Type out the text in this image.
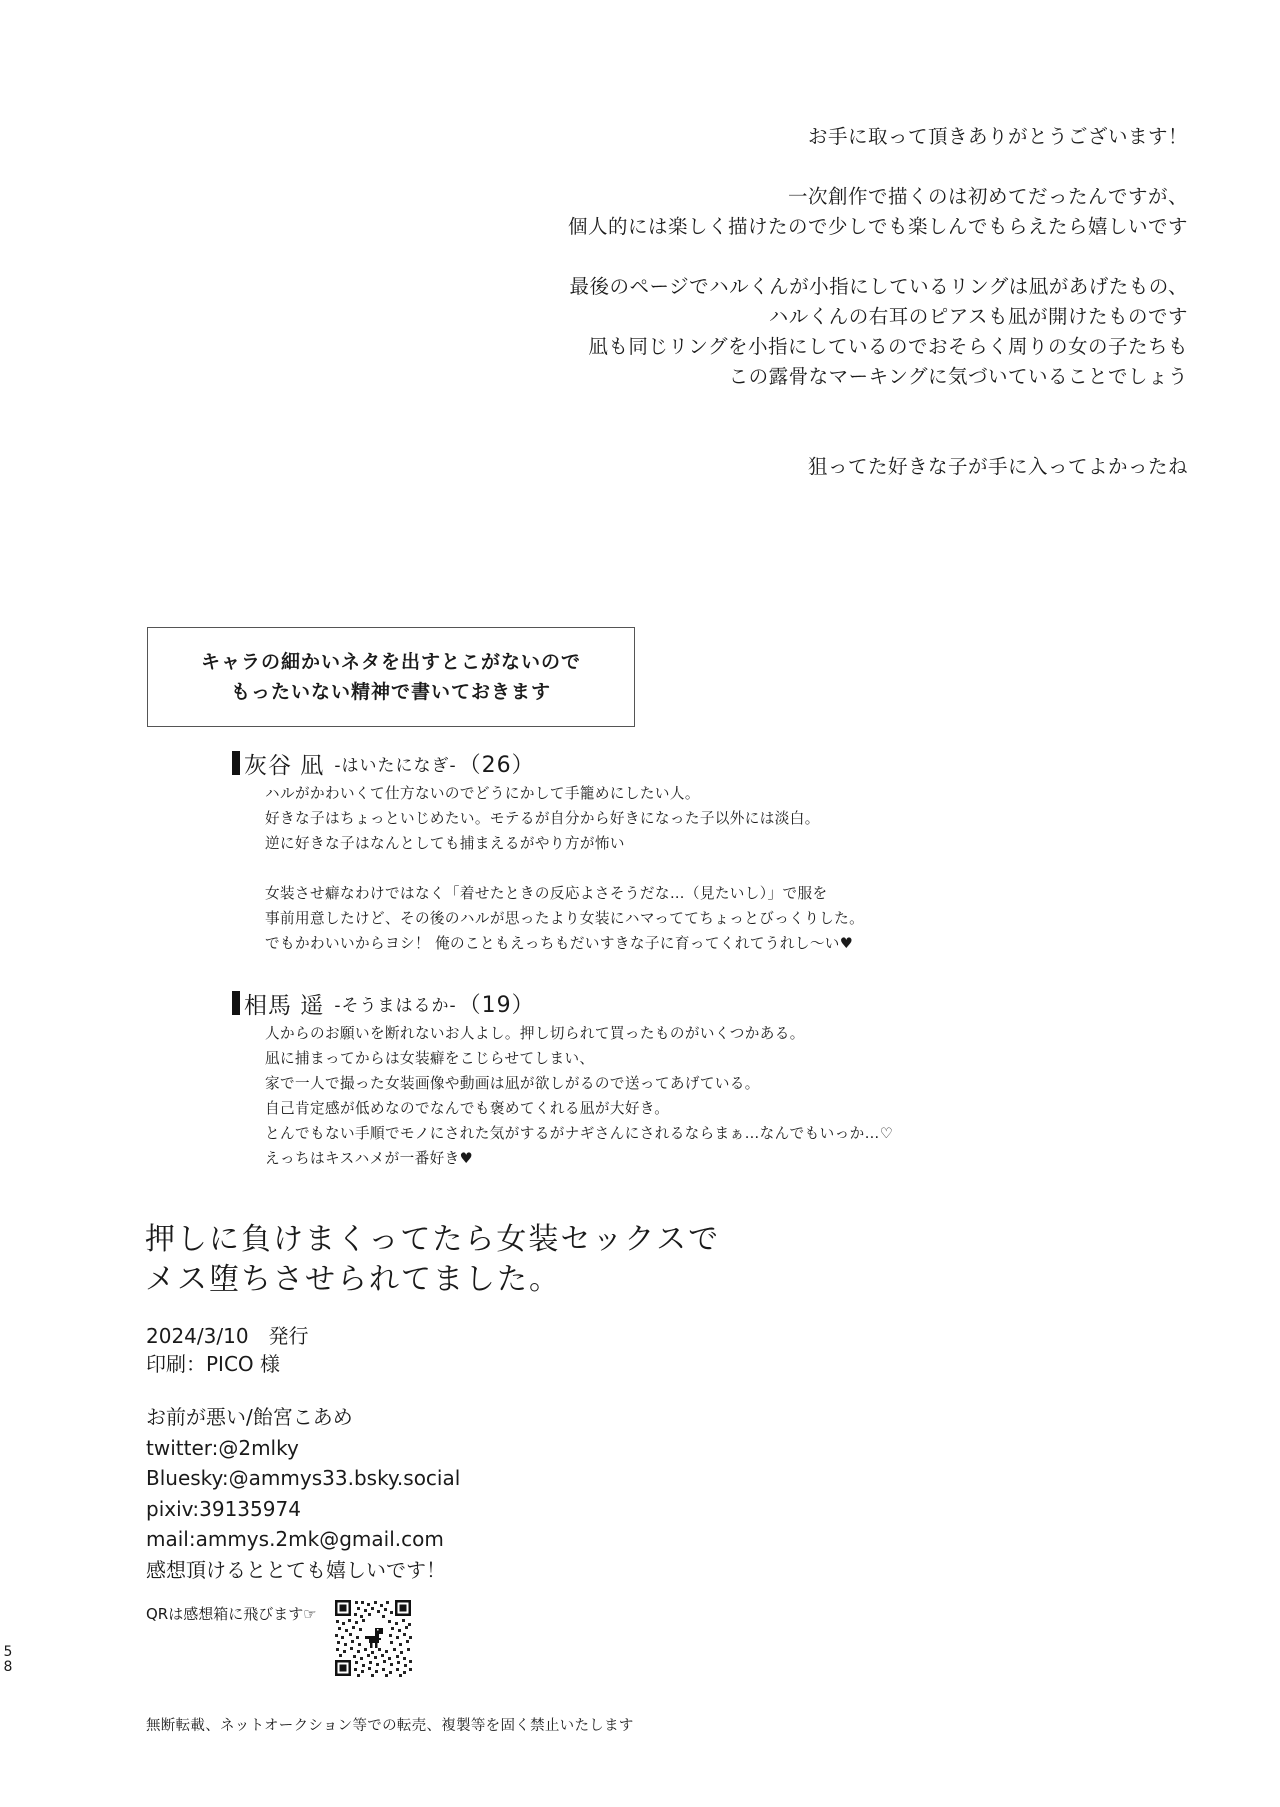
お手に取って頂きありがとうございます！

一次創作で描くのは初めてだったんですが、

個人的には楽しく描けたので少しでも楽しんでもらえたら嬉しいです

最後のページでハルくんが小指にしているリングは凪があげたもの、

ハルくんの右耳のピアスも凪が開けたものです

凪も同じリングを小指にしているのでおそらく周りの女の子たちも

この露骨なマーキングに気づいていることでしょう

狙ってた好きな子が手に入ってよかったね

キャラの細かいネタを出すとこがないので
もったいない精神で書いておきます
灰谷 凪 -はいたになぎ- （26）

ハルがかわいくて仕方ないのでどうにかして手籠めにしたい人。

好きな子はちょっといじめたい。モテるが自分から好きになった子以外には淡白。

逆に好きな子はなんとしても捕まえるがやり方が怖い

女装させ癖なわけではなく「着せたときの反応よさそうだな…（見たいし）」で服を

事前用意したけど、その後のハルが思ったより女装にハマっててちょっとびっくりした。

でもかわいいからヨシ！ 俺のこともえっちもだいすきな子に育ってくれてうれし〜い♥

相馬 遥 -そうまはるか- （19）

人からのお願いを断れないお人よし。押し切られて買ったものがいくつかある。

凪に捕まってからは女装癖をこじらせてしまい、

家で一人で撮った女装画像や動画は凪が欲しがるので送ってあげている。

自己肯定感が低めなのでなんでも褒めてくれる凪が大好き。

とんでもない手順でモノにされた気がするがナギさんにされるならまぁ…なんでもいっか…♡

えっちはキスハメが一番好き♥

押しに負けまくってたら女装セックスで

メス堕ちさせられてました。

2024/3/10　発行

印刷：PICO 様

お前が悪い/飴宮こあめ

twitter:@2mlky

Bluesky:@ammys33.bsky.social

pixiv:39135974

mail:ammys.2mk@gmail.com

感想頂けるととても嬉しいです！

QRは感想箱に飛びます☞
無断転載、ネットオークション等での転売、複製等を固く禁止いたします
5
8
